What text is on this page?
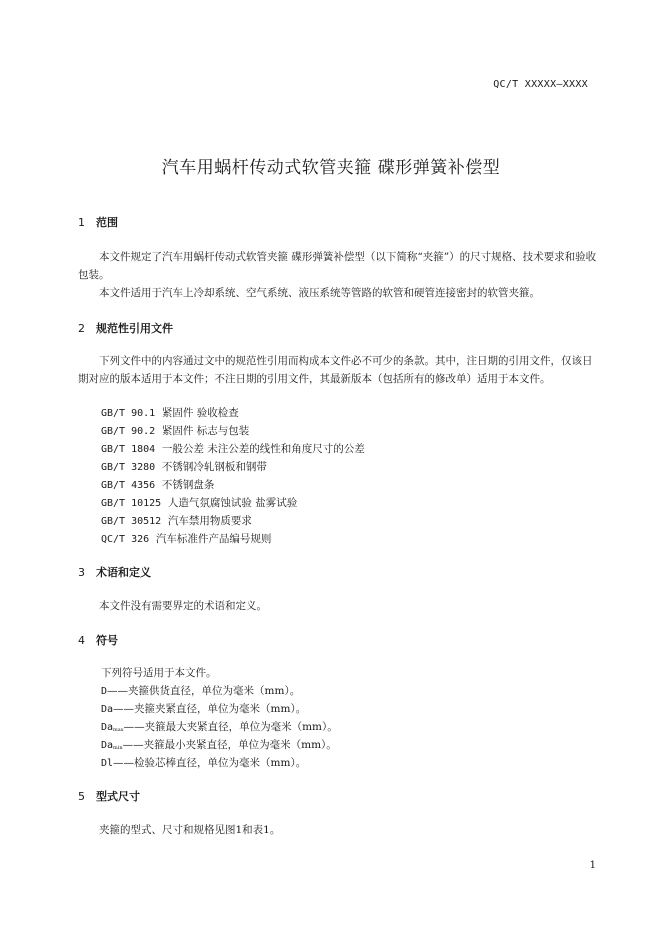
QC/T XXXXX—XXXX
汽车用蜗杆传动式软管夹箍 碟形弹簧补偿型
1 范围
本文件规定了汽车用蜗杆传动式软管夹箍 碟形弹簧补偿型（以下简称“夹箍”）的尺寸规格、技术要求和验收包装。
本文件适用于汽车上冷却系统、空气系统、液压系统等管路的软管和硬管连接密封的软管夹箍。
2 规范性引用文件
下列文件中的内容通过文中的规范性引用而构成本文件必不可少的条款。其中，注日期的引用文件，仅该日期对应的版本适用于本文件；不注日期的引用文件，其最新版本（包括所有的修改单）适用于本文件。
GB/T 90.1 紧固件 验收检查
GB/T 90.2 紧固件 标志与包装
GB/T 1804 一般公差 未注公差的线性和角度尺寸的公差
GB/T 3280 不锈钢冷轧钢板和钢带
GB/T 4356 不锈钢盘条
GB/T 10125 人造气氛腐蚀试验 盐雾试验
GB/T 30512 汽车禁用物质要求
QC/T 326 汽车标准件产品编号规则
3 术语和定义
本文件没有需要界定的术语和定义。
4 符号
下列符号适用于本文件。
D——夹箍供货直径，单位为毫米（mm）。
Da——夹箍夹紧直径，单位为毫米（mm）。
$Da_{max}——$夹箍最大夹紧直径，单位为毫米（mm）。
$Da_{min}——$夹箍最小夹紧直径，单位为毫米（mm）。
Dl——检验芯棒直径，单位为毫米（mm）。
5 型式尺寸
夹箍的型式、尺寸和规格见图1和表1。
1
